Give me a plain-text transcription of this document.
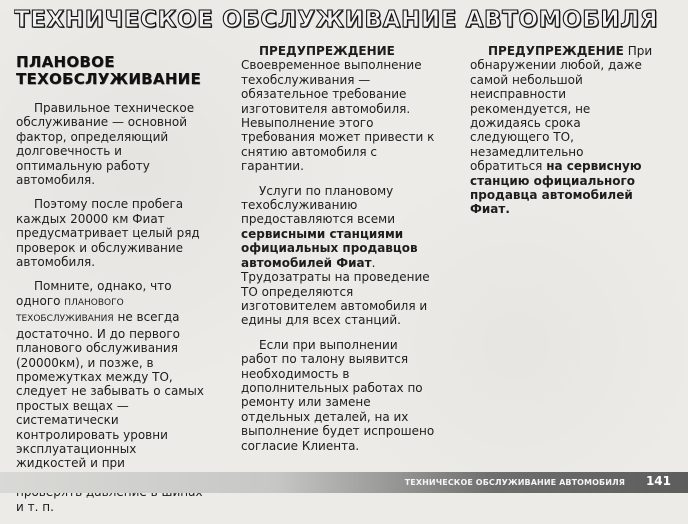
ТЕХНИЧЕСКОЕ ОБСЛУЖИВАНИЕ АВТОМОБИЛЯ
ПЛАНОВОЕ
ТЕХОБСЛУЖИВАНИЕ

Правильное техническое обслуживание — основной фактор, определяющий долговечность и оптимальную работу автомобиля.

Поэтому после пробега каждых 20000 км Фиат предусматривает целый ряд проверок и обслуживание автомобиля.

Помните, однако, что одного ПЛАНОВОГО ТЕХОБСЛУЖИВАНИЯ не всегда достаточно. И до первого планового обслуживания (20000км), и позже, в промежутках между ТО, следует не забывать о самых простых вещах — систематически контролировать уровни эксплуатационных жидкостей и при и т. п.

ПРЕДУПРЕЖДЕНИЕ Своевременное выполнение техобслуживания — обязательное требование изготовителя автомобиля. Невыполнение этого требования может привести к снятию автомобиля с гарантии.

Услуги по плановому техобслуживанию предоставляются всеми сервисными станциями официальных продавцов автомобилей Фиат. Трудозатраты на проведение ТО определяются изготовителем автомобиля и едины для всех станций.

Если при выполнении работ по талону выявится необходимость в дополнительных работах по ремонту или замене отдельных деталей, на их выполнение будет испрошено согласие Клиента.

ПРЕДУПРЕЖДЕНИЕ При обнаружении любой, даже самой небольшой неисправности рекомендуется, не дожидаясь срока следующего ТО, незамедлительно обратиться на сервисную станцию официального продавца автомобилей Фиат.

ТЕХНИЧЕСКОЕ ОБСЛУЖИВАНИЕ АВТОМОБИЛЯ 141
